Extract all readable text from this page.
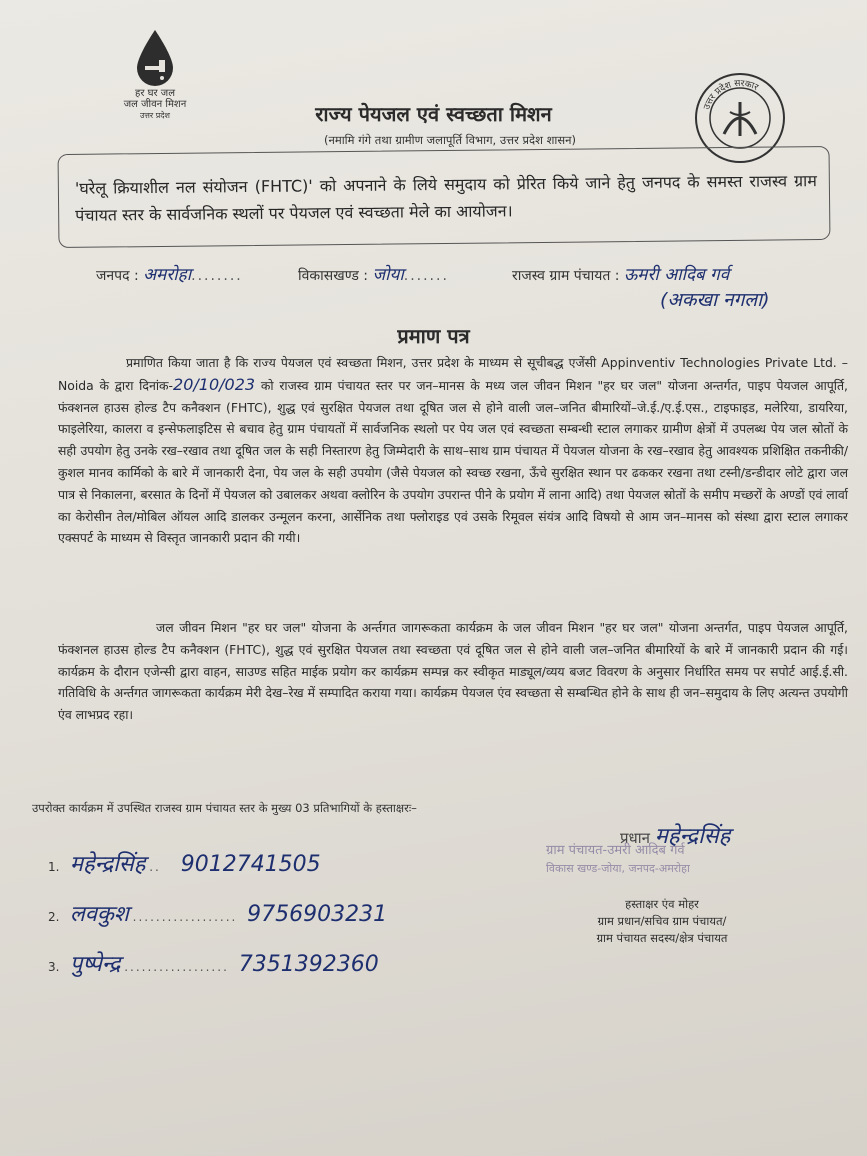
हर घर जल
जल जीवन मिशन
उत्तर प्रदेश
उत्तर प्रदेश सरकार
राज्य पेयजल एवं स्वच्छता मिशन
(नमामि गंगे तथा ग्रामीण जलापूर्ति विभाग, उत्तर प्रदेश शासन)

'घरेलू क्रियाशील नल संयोजन (FHTC)' को अपनाने के लिये समुदाय को प्रेरित किये जाने हेतु जनपद के समस्त राजस्व ग्राम पंचायत स्तर के सार्वजनिक स्थलों पर पेयजल एवं स्वच्छता मेले का आयोजन।

जनपद : अमरोहा........	विकासखण्ड : जोया.......	राजस्व ग्राम पंचायत : ऊमरी आदिब गर्व
(अकखा नगला)
प्रमाण पत्र

प्रमाणित किया जाता है कि राज्य पेयजल एवं स्वच्छता मिशन, उत्तर प्रदेश के माध्यम से सूचीबद्ध एजेंसी Appinventiv Technologies Private Ltd. – Noida के द्वारा दिनांक-20/10/023 को राजस्व ग्राम पंचायत स्तर पर जन–मानस के मध्य जल जीवन मिशन "हर घर जल" योजना अन्तर्गत, पाइप पेयजल आपूर्ति, फंक्शनल हाउस होल्ड टैप कनैक्शन (FHTC), शुद्ध एवं सुरक्षित पेयजल तथा दूषित जल से होने वाली जल–जनित बीमारियों–जे.ई./ए.ई.एस., टाइफाइड, मलेरिया, डायरिया, फाइलेरिया, कालरा व इन्सेफलाइटिस से बचाव हेतु ग्राम पंचायतों में सार्वजनिक स्थलो पर पेय जल एवं स्वच्छता सम्बन्धी स्टाल लगाकर ग्रामीण क्षेत्रों में उपलब्ध पेय जल स्रोतों के सही उपयोग हेतु उनके रख–रखाव तथा दूषित जल के सही निस्तारण हेतु जिम्मेदारी के साथ–साथ ग्राम पंचायत में पेयजल योजना के रख–रखाव हेतु आवश्यक प्रशिक्षित तकनीकी/कुशल मानव कार्मिको के बारे में जानकारी देना, पेय जल के सही उपयोग (जैसे पेयजल को स्वच्छ रखना, ऊँचे सुरक्षित स्थान पर ढककर रखना तथा टस्नी/डन्डीदार लोटे द्वारा जल पात्र से निकालना, बरसात के दिनों में पेयजल को उबालकर अथवा क्लोरिन के उपयोग उपरान्त पीने के प्रयोग में लाना आदि) तथा पेयजल स्रोतों के समीप मच्छरों के अण्डों एवं लार्वा का केरोसीन तेल/मोबिल ऑयल आदि डालकर उन्मूलन करना, आर्सेनिक तथा फ्लोराइड एवं उसके रिमूवल संयंत्र आदि विषयो से आम जन–मानस को संस्था द्वारा स्टाल लगाकर एक्सपर्ट के माध्यम से विस्तृत जानकारी प्रदान की गयी।

जल जीवन मिशन "हर घर जल" योजना के अर्न्तगत जागरूकता कार्यक्रम के जल जीवन मिशन "हर घर जल" योजना अन्तर्गत, पाइप पेयजल आपूर्ति, फंक्शनल हाउस होल्ड टैप कनैक्शन (FHTC), शुद्ध एवं सुरक्षित पेयजल तथा स्वच्छता एवं दूषित जल से होने वाली जल–जनित बीमारियों के बारे में जानकारी प्रदान की गई। कार्यक्रम के दौरान एजेन्सी द्वारा वाहन, साउण्ड सहित माईक प्रयोग कर कार्यक्रम सम्पन्न कर स्वीकृत माड्यूल/व्यय बजट विवरण के अनुसार निर्धारित समय पर सपोर्ट आई.ई.सी. गतिविधि के अर्न्तगत जागरूकता कार्यक्रम मेरी देख–रेख में सम्पादित कराया गया। कार्यक्रम पेयजल एंव स्वच्छता से सम्बन्धित होने के साथ ही जन–समुदाय के लिए अत्यन्त उपयोगी एंव लाभप्रद रहा।

उपरोक्त कार्यक्रम में उपस्थित राजस्व ग्राम पंचायत स्तर के मुख्य 03 प्रतिभागियों के हस्ताक्षरः–
1. महेन्द्रसिंह .. 9012741505
2. लवकुश .................. 9756903231
3. पुष्पेन्द्र .................. 7351392360
प्रधान महेन्द्रसिंह
ग्राम पंचायत-उमरी आदिब गर्व
विकास खण्ड-जोया, जनपद-अमरोहा
हस्ताक्षर एंव मोहर
ग्राम प्रधान/सचिव ग्राम पंचायत/
ग्राम पंचायत सदस्य/क्षेत्र पंचायत
